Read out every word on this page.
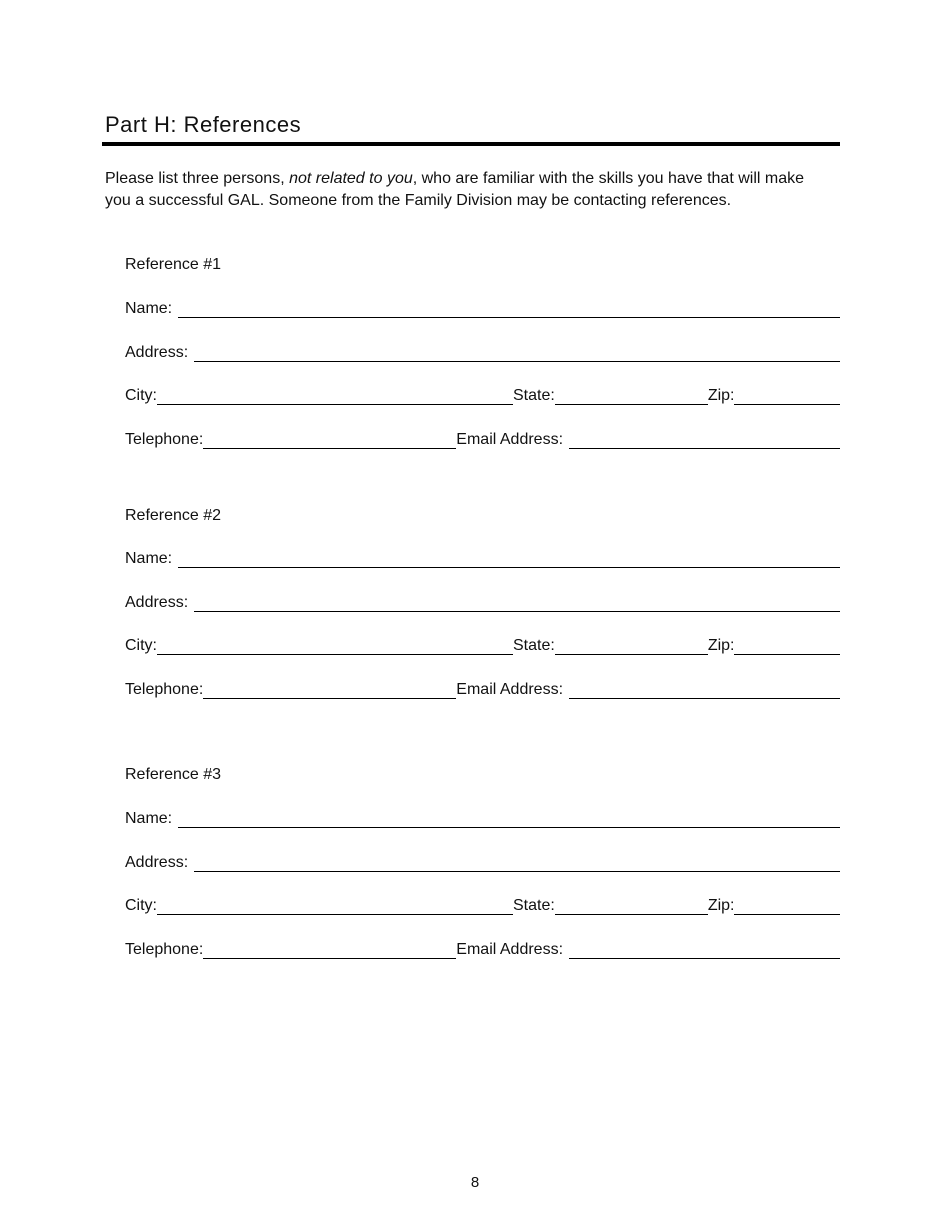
Part H: References

Please list three persons, not related to you, who are familiar with the skills you have that will make you a successful GAL. Someone from the Family Division may be contacting references.

Reference #1
Name:
Address:
City:	State:	Zip:
Telephone:	Email Address:
Reference #2
Name:
Address:
City:	State:	Zip:
Telephone:	Email Address:
Reference #3
Name:
Address:
City:	State:	Zip:
Telephone:	Email Address:
8
